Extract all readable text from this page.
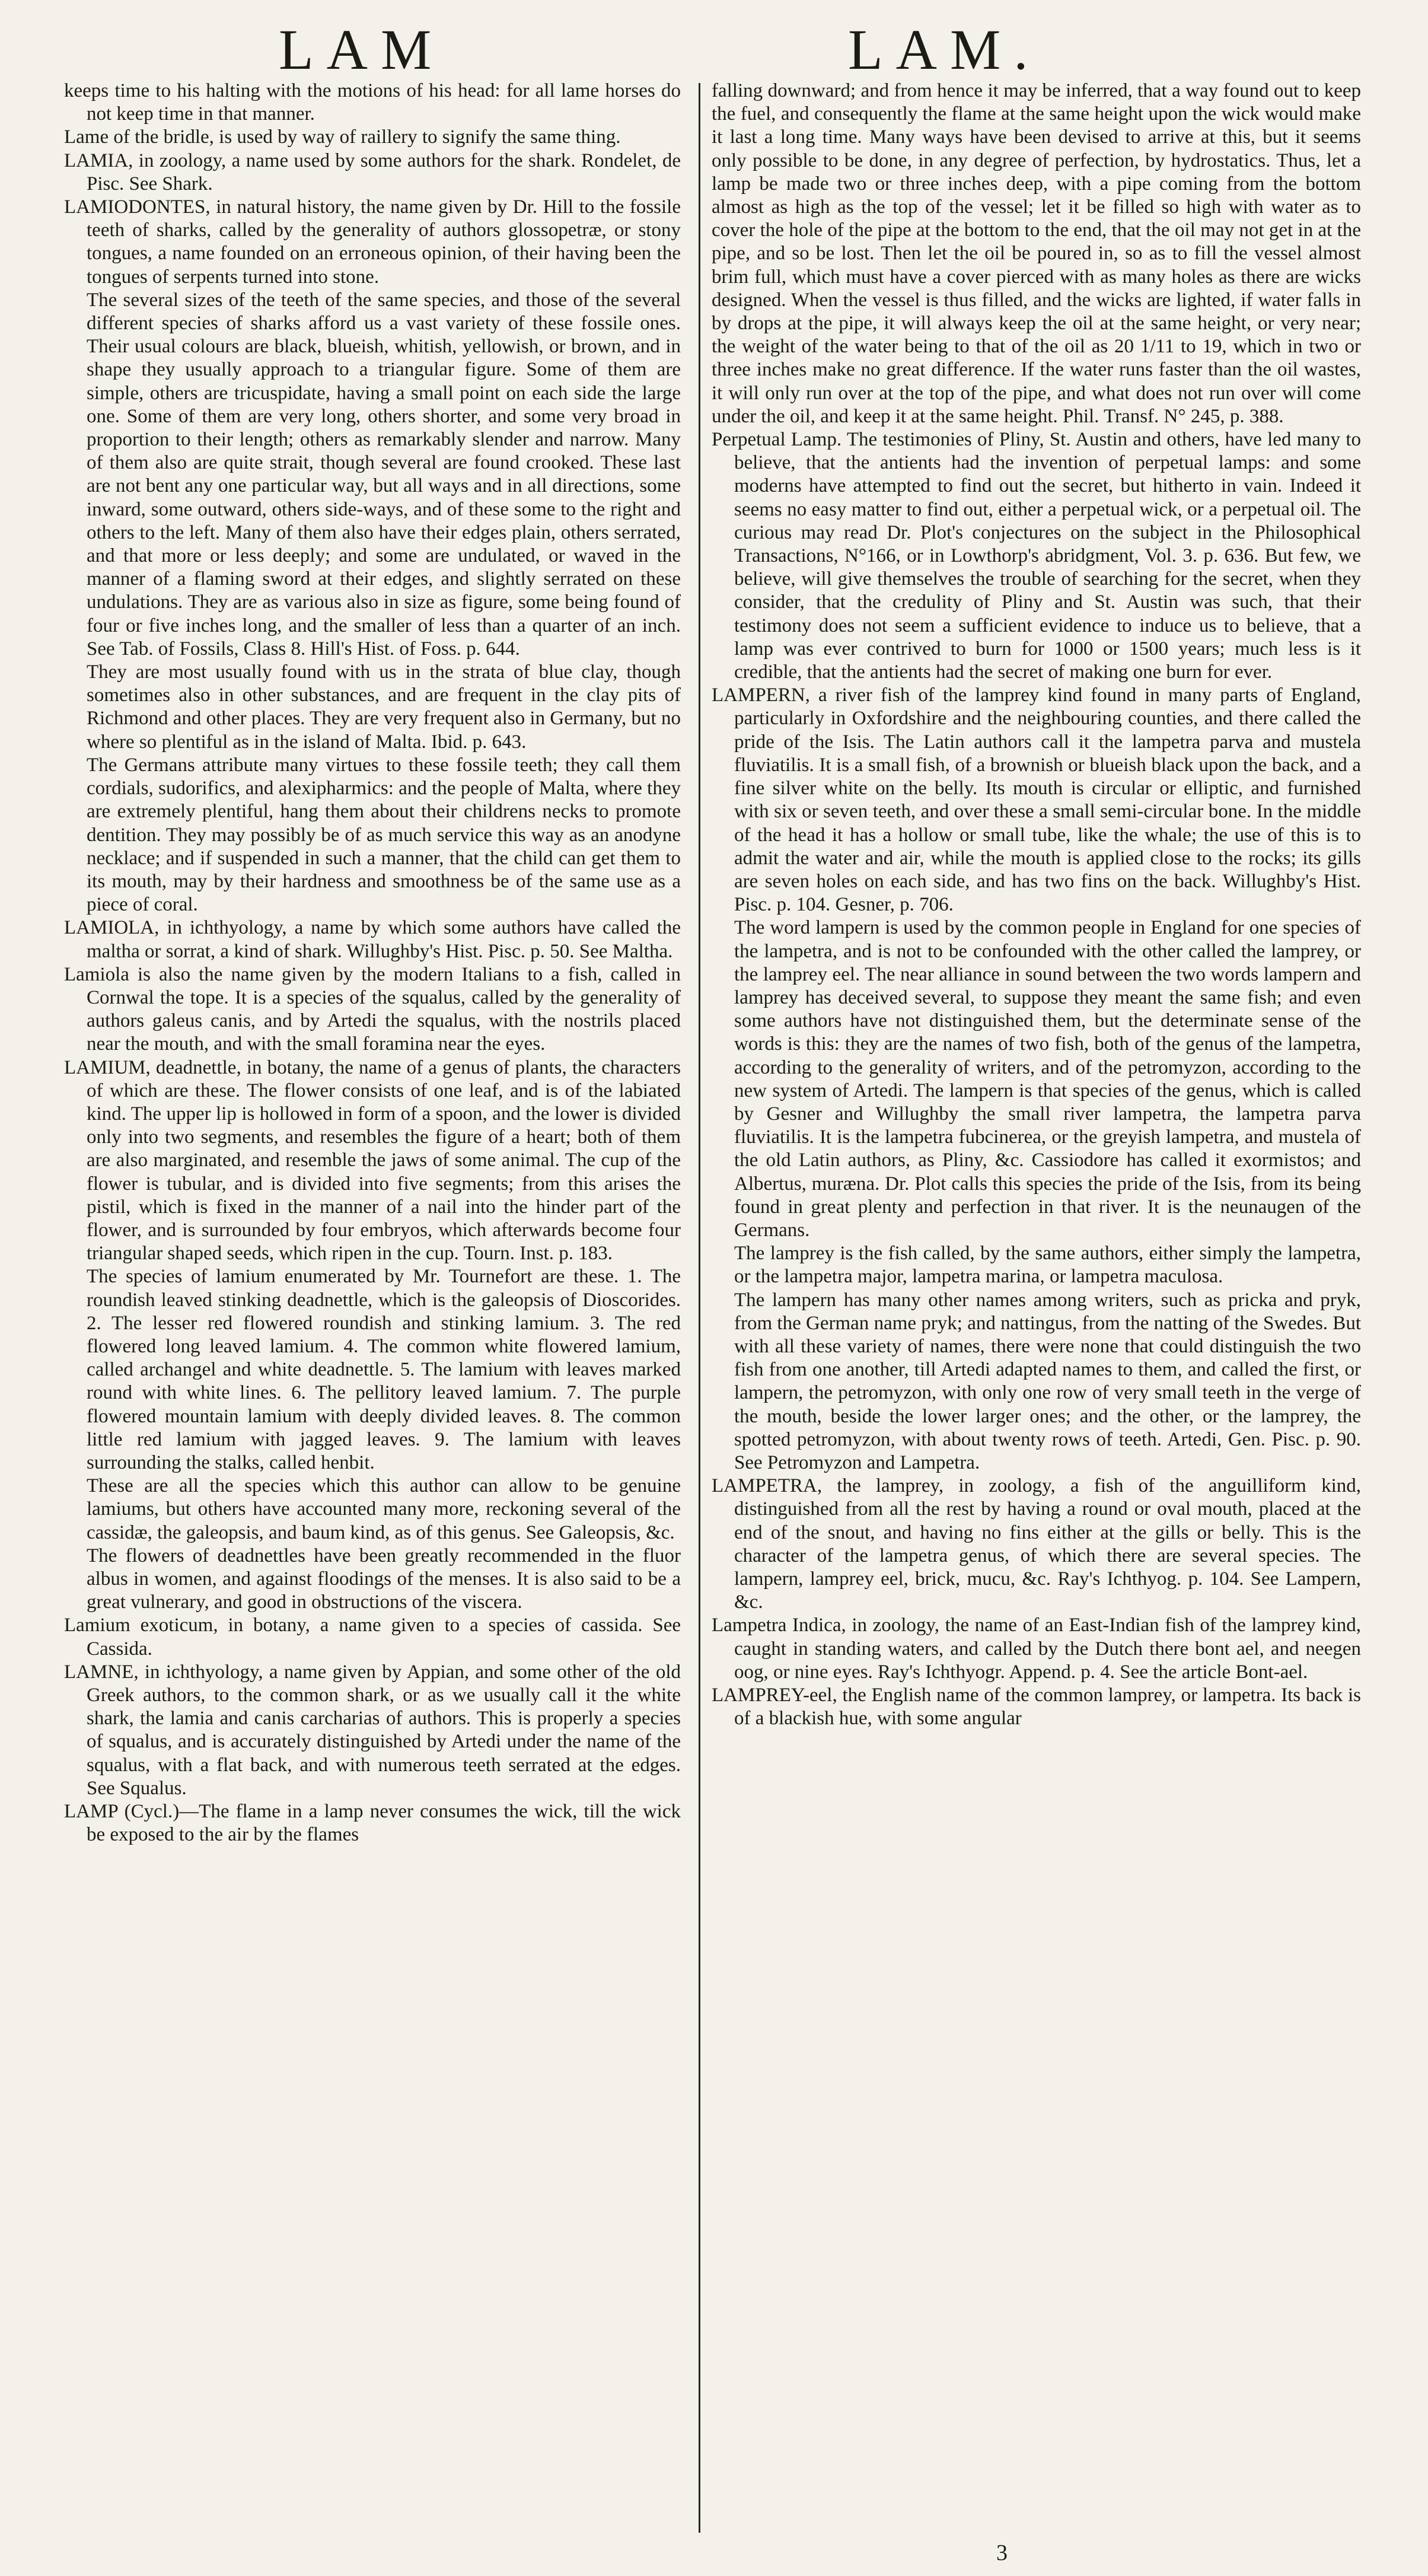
LAM	LAM.

keeps time to his halting with the motions of his head: for all lame horses do not keep time in that manner.

Lame of the bridle, is used by way of raillery to signify the same thing.

LAMIA, in zoology, a name used by some authors for the shark. Rondelet, de Pisc. See Shark.

LAMIODONTES, in natural history, the name given by Dr. Hill to the fossile teeth of sharks, called by the generality of authors glossopetræ, or stony tongues, a name founded on an erroneous opinion, of their having been the tongues of serpents turned into stone.

The several sizes of the teeth of the same species, and those of the several different species of sharks afford us a vast variety of these fossile ones. Their usual colours are black, blueish, whitish, yellowish, or brown, and in shape they usually approach to a triangular figure. Some of them are simple, others are tricuspidate, having a small point on each side the large one. Some of them are very long, others shorter, and some very broad in proportion to their length; others as remarkably slender and narrow. Many of them also are quite strait, though several are found crooked. These last are not bent any one particular way, but all ways and in all directions, some inward, some outward, others side-ways, and of these some to the right and others to the left. Many of them also have their edges plain, others serrated, and that more or less deeply; and some are undulated, or waved in the manner of a flaming sword at their edges, and slightly serrated on these undulations. They are as various also in size as figure, some being found of four or five inches long, and the smaller of less than a quarter of an inch. See Tab. of Fossils, Class 8. Hill's Hist. of Foss. p. 644.

They are most usually found with us in the strata of blue clay, though sometimes also in other substances, and are frequent in the clay pits of Richmond and other places. They are very frequent also in Germany, but no where so plentiful as in the island of Malta. Ibid. p. 643.

The Germans attribute many virtues to these fossile teeth; they call them cordials, sudorifics, and alexipharmics: and the people of Malta, where they are extremely plentiful, hang them about their childrens necks to promote dentition. They may possibly be of as much service this way as an anodyne necklace; and if suspended in such a manner, that the child can get them to its mouth, may by their hardness and smoothness be of the same use as a piece of coral.

LAMIOLA, in ichthyology, a name by which some authors have called the maltha or sorrat, a kind of shark. Willughby's Hist. Pisc. p. 50. See Maltha.

Lamiola is also the name given by the modern Italians to a fish, called in Cornwal the tope. It is a species of the squalus, called by the generality of authors galeus canis, and by Artedi the squalus, with the nostrils placed near the mouth, and with the small foramina near the eyes.

LAMIUM, deadnettle, in botany, the name of a genus of plants, the characters of which are these. The flower consists of one leaf, and is of the labiated kind. The upper lip is hollowed in form of a spoon, and the lower is divided only into two segments, and resembles the figure of a heart; both of them are also marginated, and resemble the jaws of some animal. The cup of the flower is tubular, and is divided into five segments; from this arises the pistil, which is fixed in the manner of a nail into the hinder part of the flower, and is surrounded by four embryos, which afterwards become four triangular shaped seeds, which ripen in the cup. Tourn. Inst. p. 183.

The species of lamium enumerated by Mr. Tournefort are these. 1. The roundish leaved stinking deadnettle, which is the galeopsis of Dioscorides. 2. The lesser red flowered roundish and stinking lamium. 3. The red flowered long leaved lamium. 4. The common white flowered lamium, called archangel and white deadnettle. 5. The lamium with leaves marked round with white lines. 6. The pellitory leaved lamium. 7. The purple flowered mountain lamium with deeply divided leaves. 8. The common little red lamium with jagged leaves. 9. The lamium with leaves surrounding the stalks, called henbit.

These are all the species which this author can allow to be genuine lamiums, but others have accounted many more, reckoning several of the cassidæ, the galeopsis, and baum kind, as of this genus. See Galeopsis, &c.

The flowers of deadnettles have been greatly recommended in the fluor albus in women, and against floodings of the menses. It is also said to be a great vulnerary, and good in obstructions of the viscera.

Lamium exoticum, in botany, a name given to a species of cassida. See Cassida.

LAMNE, in ichthyology, a name given by Appian, and some other of the old Greek authors, to the common shark, or as we usually call it the white shark, the lamia and canis carcharias of authors. This is properly a species of squalus, and is accurately distinguished by Artedi under the name of the squalus, with a flat back, and with numerous teeth serrated at the edges. See Squalus.

LAMP (Cycl.)—The flame in a lamp never consumes the wick, till the wick be exposed to the air by the flames

falling downward; and from hence it may be inferred, that a way found out to keep the fuel, and consequently the flame at the same height upon the wick would make it last a long time. Many ways have been devised to arrive at this, but it seems only possible to be done, in any degree of perfection, by hydrostatics. Thus, let a lamp be made two or three inches deep, with a pipe coming from the bottom almost as high as the top of the vessel; let it be filled so high with water as to cover the hole of the pipe at the bottom to the end, that the oil may not get in at the pipe, and so be lost. Then let the oil be poured in, so as to fill the vessel almost brim full, which must have a cover pierced with as many holes as there are wicks designed. When the vessel is thus filled, and the wicks are lighted, if water falls in by drops at the pipe, it will always keep the oil at the same height, or very near; the weight of the water being to that of the oil as 20 1/11 to 19, which in two or three inches make no great difference. If the water runs faster than the oil wastes, it will only run over at the top of the pipe, and what does not run over will come under the oil, and keep it at the same height. Phil. Transf. N° 245, p. 388.

Perpetual Lamp. The testimonies of Pliny, St. Austin and others, have led many to believe, that the antients had the invention of perpetual lamps: and some moderns have attempted to find out the secret, but hitherto in vain. Indeed it seems no easy matter to find out, either a perpetual wick, or a perpetual oil. The curious may read Dr. Plot's conjectures on the subject in the Philosophical Transactions, N°166, or in Lowthorp's abridgment, Vol. 3. p. 636. But few, we believe, will give themselves the trouble of searching for the secret, when they consider, that the credulity of Pliny and St. Austin was such, that their testimony does not seem a sufficient evidence to induce us to believe, that a lamp was ever contrived to burn for 1000 or 1500 years; much less is it credible, that the antients had the secret of making one burn for ever.

LAMPERN, a river fish of the lamprey kind found in many parts of England, particularly in Oxfordshire and the neighbouring counties, and there called the pride of the Isis. The Latin authors call it the lampetra parva and mustela fluviatilis. It is a small fish, of a brownish or blueish black upon the back, and a fine silver white on the belly. Its mouth is circular or elliptic, and furnished with six or seven teeth, and over these a small semi-circular bone. In the middle of the head it has a hollow or small tube, like the whale; the use of this is to admit the water and air, while the mouth is applied close to the rocks; its gills are seven holes on each side, and has two fins on the back. Willughby's Hist. Pisc. p. 104. Gesner, p. 706.

The word lampern is used by the common people in England for one species of the lampetra, and is not to be confounded with the other called the lamprey, or the lamprey eel. The near alliance in sound between the two words lampern and lamprey has deceived several, to suppose they meant the same fish; and even some authors have not distinguished them, but the determinate sense of the words is this: they are the names of two fish, both of the genus of the lampetra, according to the generality of writers, and of the petromyzon, according to the new system of Artedi. The lampern is that species of the genus, which is called by Gesner and Willughby the small river lampetra, the lampetra parva fluviatilis. It is the lampetra fubcinerea, or the greyish lampetra, and mustela of the old Latin authors, as Pliny, &c. Cassiodore has called it exormistos; and Albertus, muræna. Dr. Plot calls this species the pride of the Isis, from its being found in great plenty and perfection in that river. It is the neunaugen of the Germans.

The lamprey is the fish called, by the same authors, either simply the lampetra, or the lampetra major, lampetra marina, or lampetra maculosa.

The lampern has many other names among writers, such as pricka and pryk, from the German name pryk; and nattingus, from the natting of the Swedes. But with all these variety of names, there were none that could distinguish the two fish from one another, till Artedi adapted names to them, and called the first, or lampern, the petromyzon, with only one row of very small teeth in the verge of the mouth, beside the lower larger ones; and the other, or the lamprey, the spotted petromyzon, with about twenty rows of teeth. Artedi, Gen. Pisc. p. 90. See Petromyzon and Lampetra.

LAMPETRA, the lamprey, in zoology, a fish of the anguilliform kind, distinguished from all the rest by having a round or oval mouth, placed at the end of the snout, and having no fins either at the gills or belly. This is the character of the lampetra genus, of which there are several species. The lampern, lamprey eel, brick, mucu, &c. Ray's Ichthyog. p. 104. See Lampern, &c.

Lampetra Indica, in zoology, the name of an East-Indian fish of the lamprey kind, caught in standing waters, and called by the Dutch there bont ael, and neegen oog, or nine eyes. Ray's Ichthyogr. Append. p. 4. See the article Bont-ael.

LAMPREY-eel, the English name of the common lamprey, or lampetra. Its back is of a blackish hue, with some angular

3
